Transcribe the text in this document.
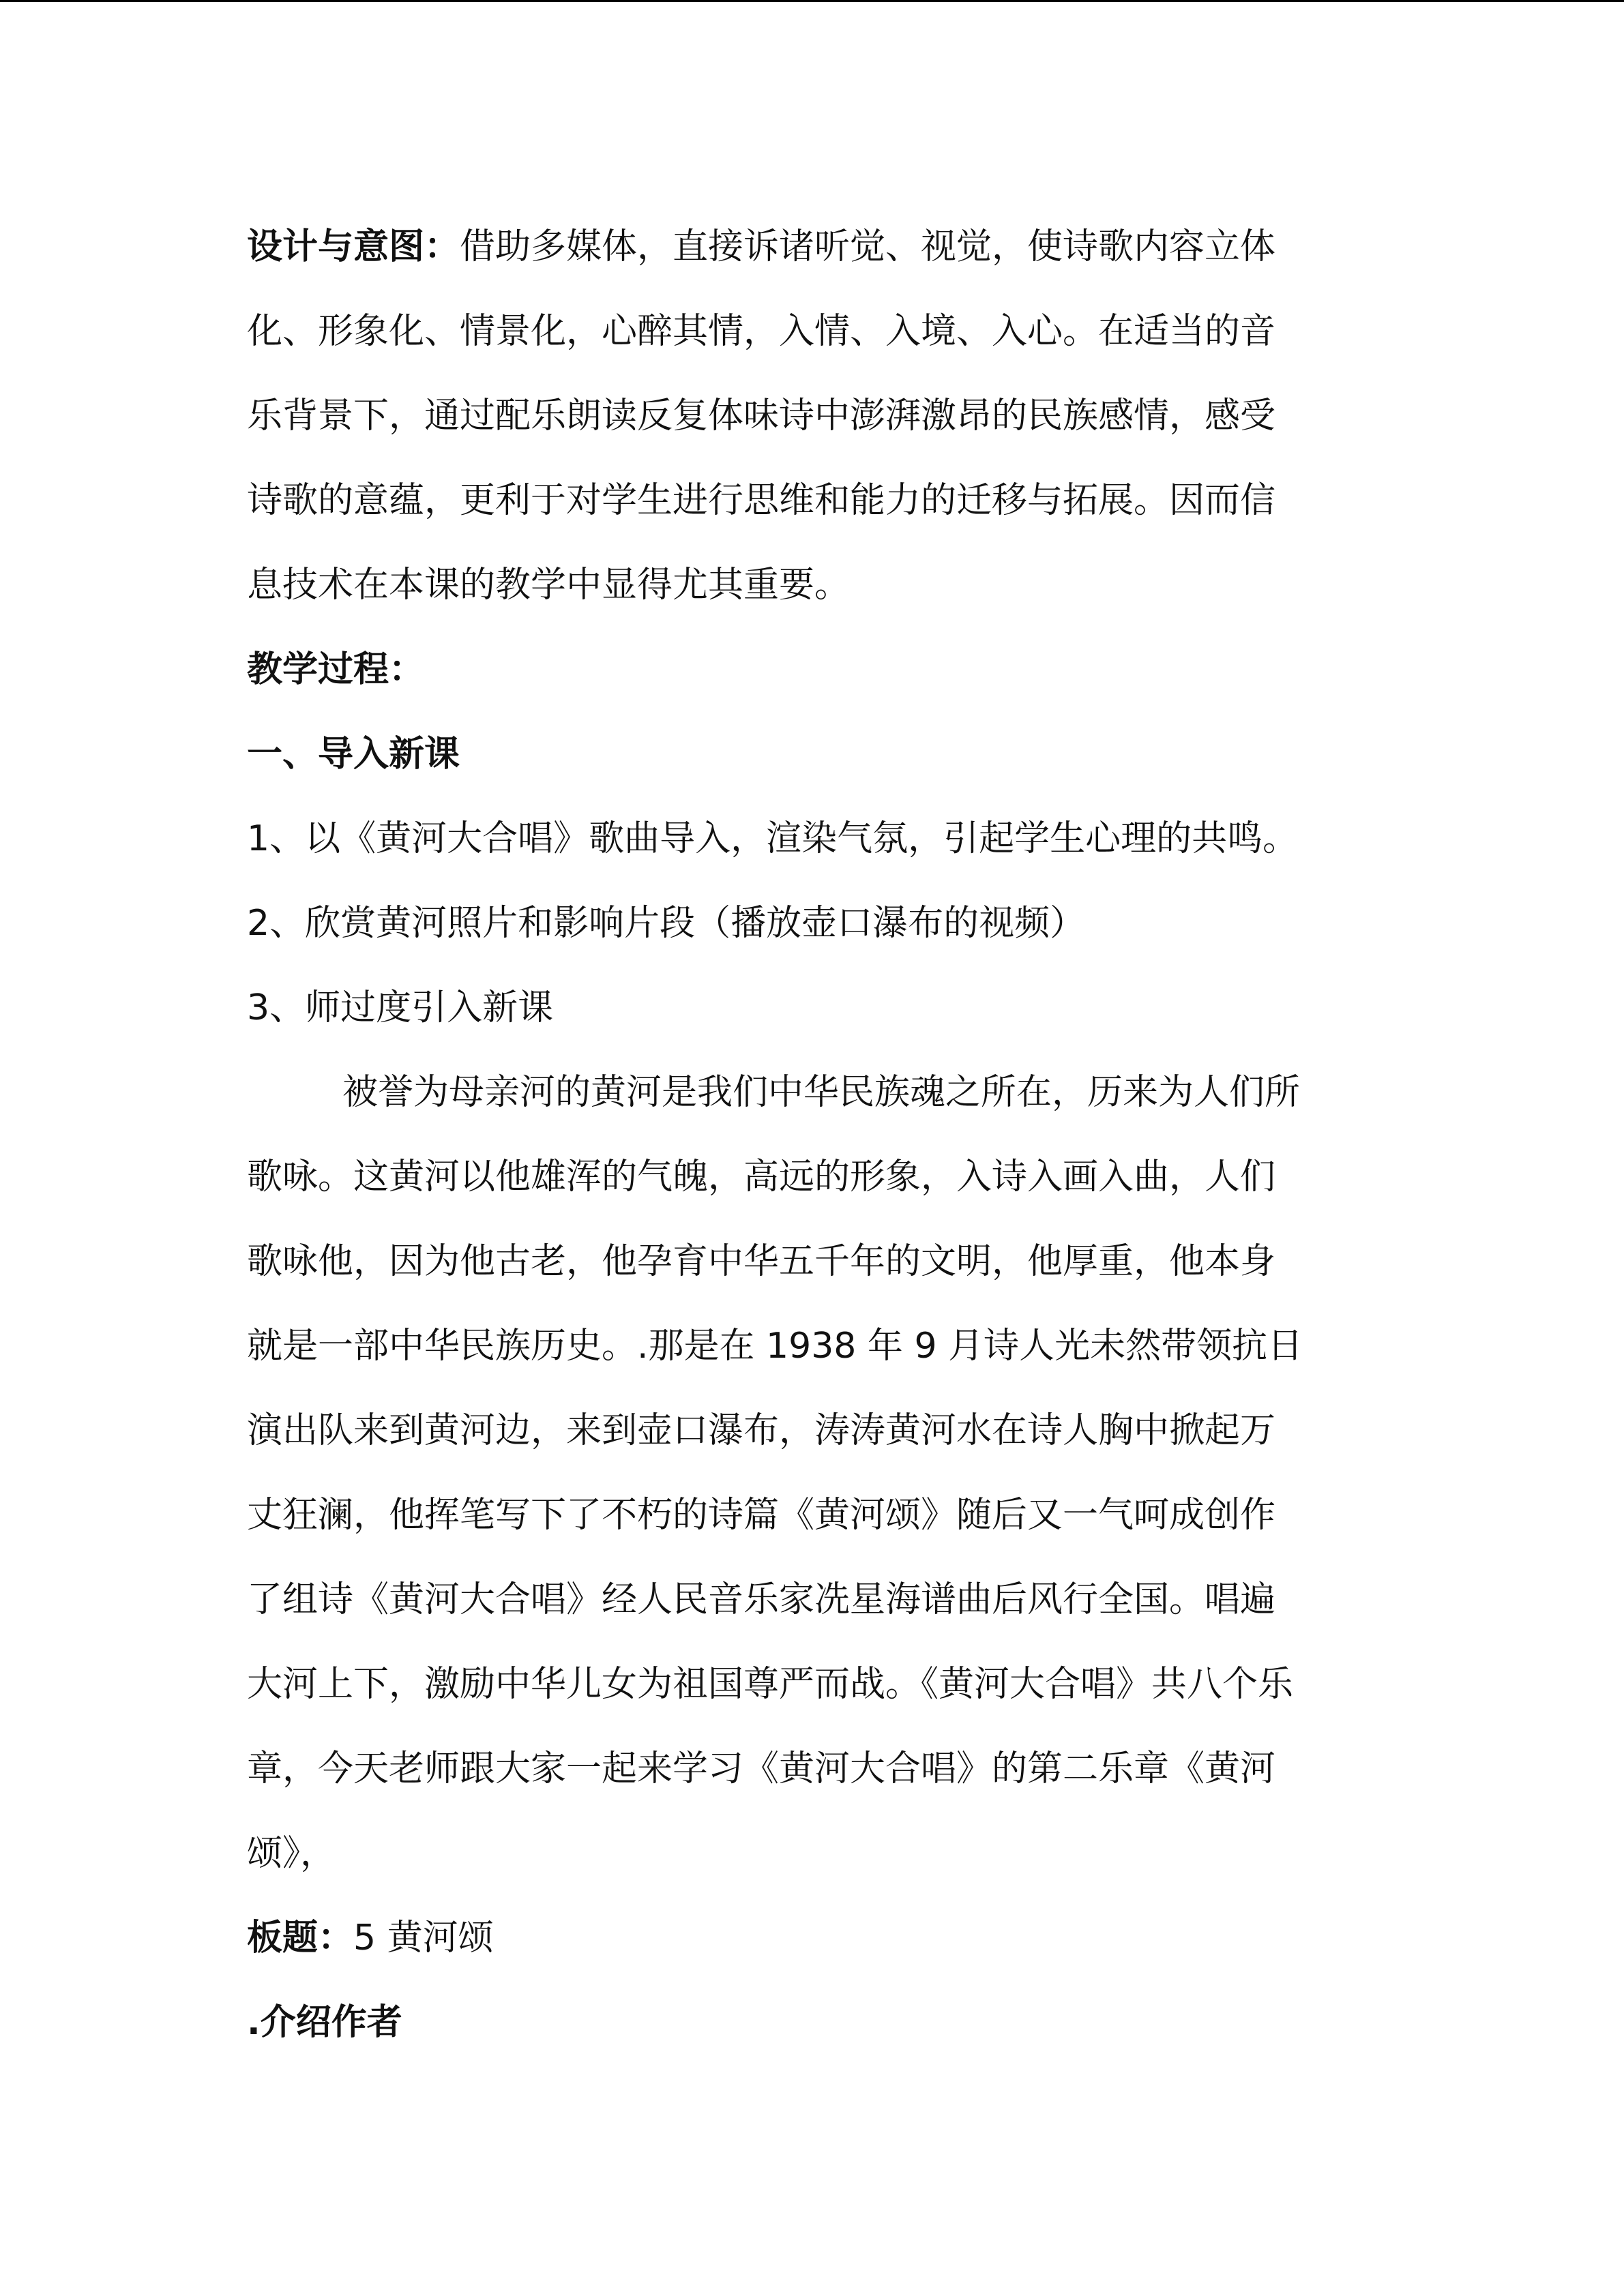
设计与意图：借助多媒体，直接诉诸听觉、视觉，使诗歌内容立体
化、形象化、情景化，心醉其情，入情、入境、入心。在适当的音
乐背景下，通过配乐朗读反复体味诗中澎湃激昂的民族感情，感受
诗歌的意蕴，更利于对学生进行思维和能力的迁移与拓展。因而信
息技术在本课的教学中显得尤其重要。
教学过程：
一、导入新课
1、以《黄河大合唱》歌曲导入，渲染气氛，引起学生心理的共鸣。
2、欣赏黄河照片和影响片段（播放壶口瀑布的视频）
3、师过度引入新课
被誉为母亲河的黄河是我们中华民族魂之所在，历来为人们所
歌咏。这黄河以他雄浑的气魄，高远的形象，入诗入画入曲，人们
歌咏他，因为他古老，他孕育中华五千年的文明，他厚重，他本身
就是一部中华民族历史。.那是在 1938 年 9 月诗人光未然带领抗日
演出队来到黄河边，来到壶口瀑布，涛涛黄河水在诗人胸中掀起万
丈狂澜，他挥笔写下了不朽的诗篇《黄河颂》随后又一气呵成创作
了组诗《黄河大合唱》经人民音乐家冼星海谱曲后风行全国。唱遍
大河上下，激励中华儿女为祖国尊严而战。《黄河大合唱》共八个乐
章，今天老师跟大家一起来学习《黄河大合唱》的第二乐章《黄河
颂》，
板题：5 黄河颂
.介绍作者
